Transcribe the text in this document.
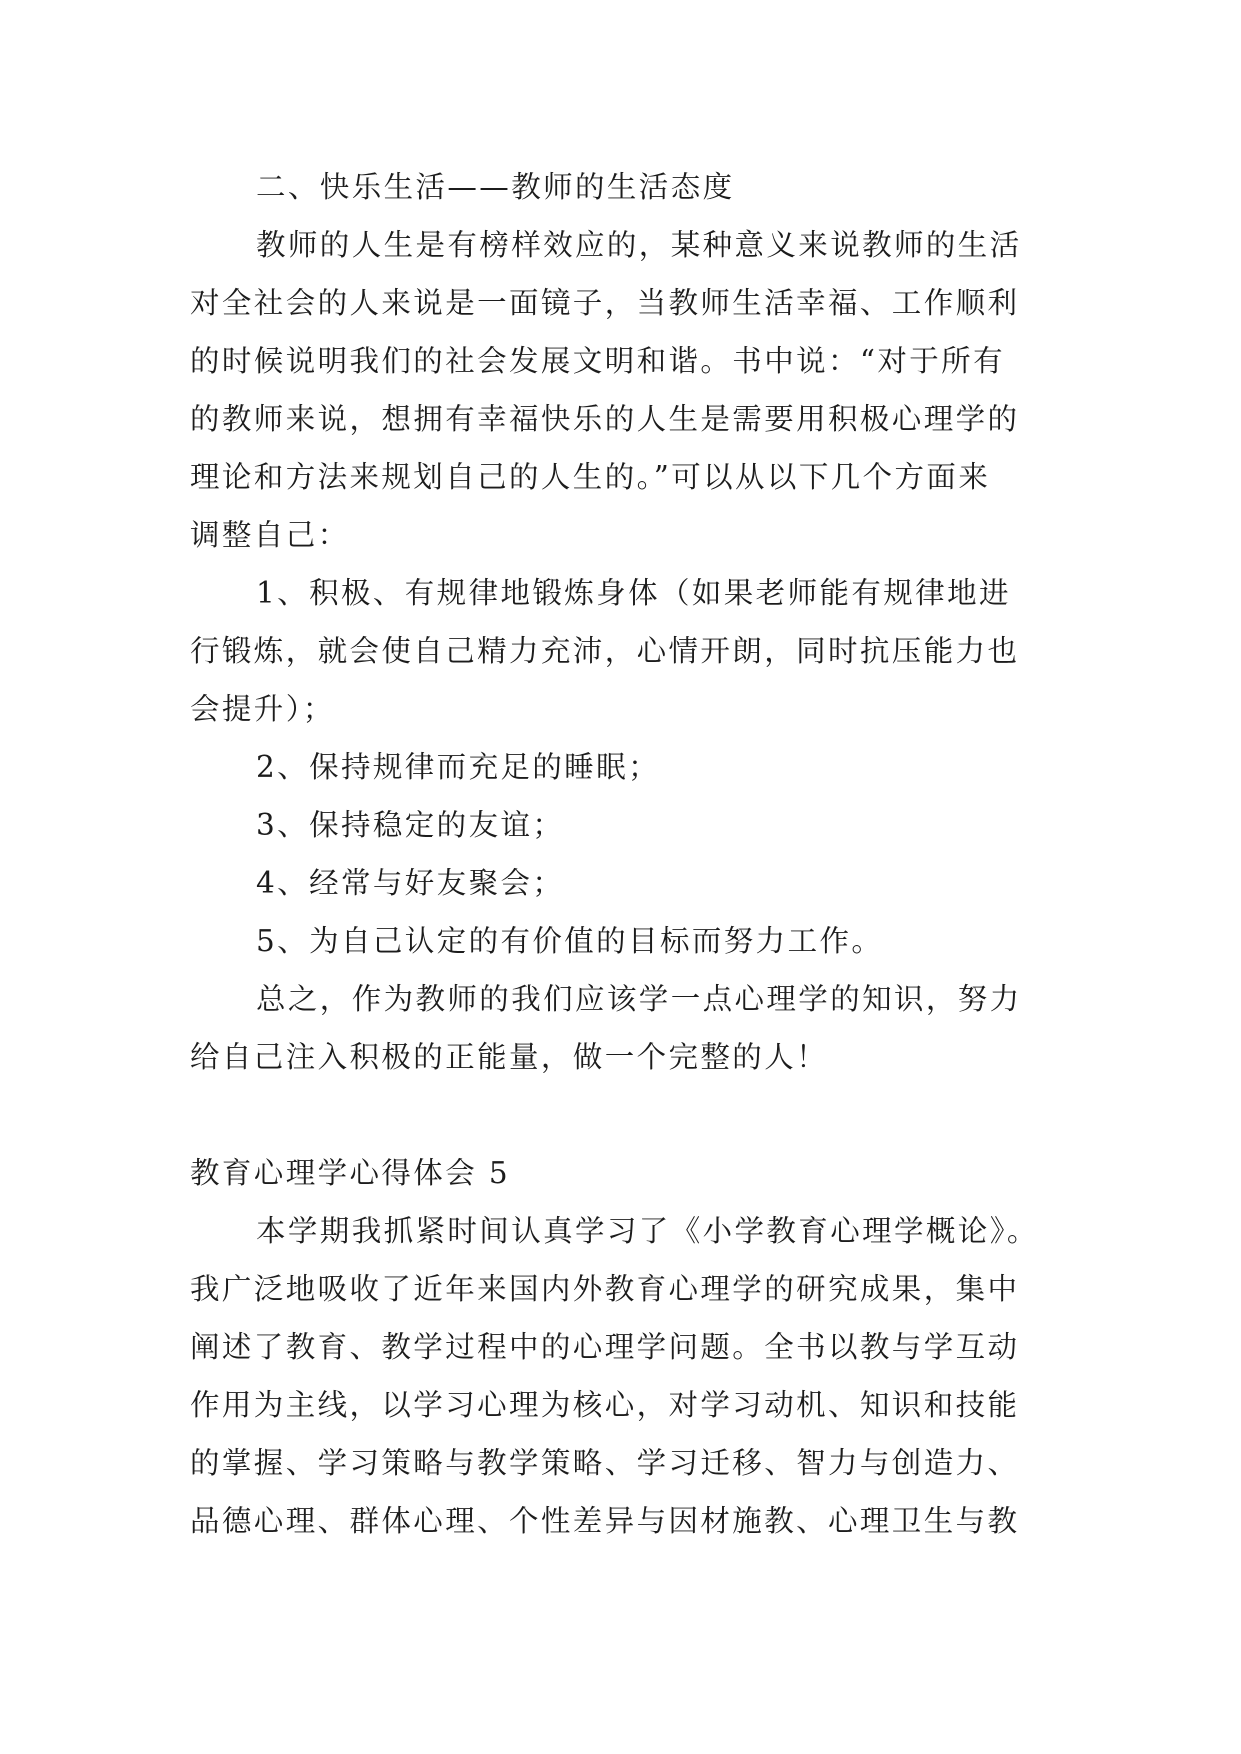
二、快乐生活——教师的生活态度
教师的人生是有榜样效应的，某种意义来说教师的生活
对全社会的人来说是一面镜子，当教师生活幸福、工作顺利
的时候说明我们的社会发展文明和谐。书中说：“对于所有
的教师来说，想拥有幸福快乐的人生是需要用积极心理学的
理论和方法来规划自己的人生的。”可以从以下几个方面来
调整自己：
1、积极、有规律地锻炼身体（如果老师能有规律地进
行锻炼，就会使自己精力充沛，心情开朗，同时抗压能力也
会提升）；
2、保持规律而充足的睡眠；
3、保持稳定的友谊；
4、经常与好友聚会；
5、为自己认定的有价值的目标而努力工作。
总之，作为教师的我们应该学一点心理学的知识，努力
给自己注入积极的正能量，做一个完整的人！
教育心理学心得体会 5
本学期我抓紧时间认真学习了《小学教育心理学概论》。
我广泛地吸收了近年来国内外教育心理学的研究成果，集中
阐述了教育、教学过程中的心理学问题。全书以教与学互动
作用为主线，以学习心理为核心，对学习动机、知识和技能
的掌握、学习策略与教学策略、学习迁移、智力与创造力、
品德心理、群体心理、个性差异与因材施教、心理卫生与教
